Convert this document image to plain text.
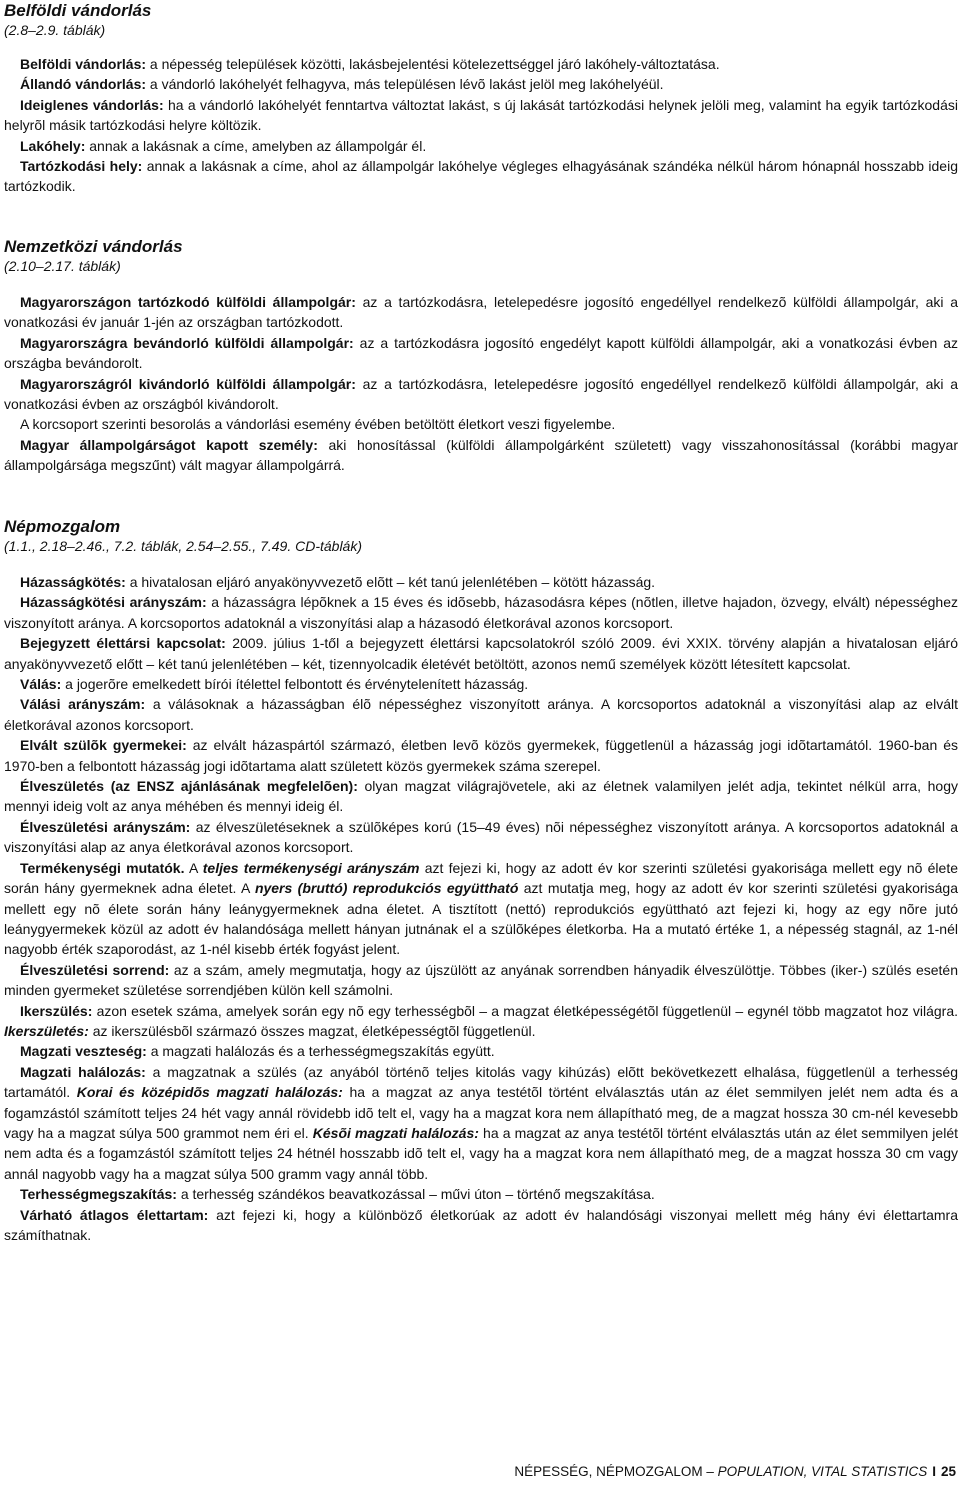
Belföldi vándorlás

(2.8–2.9. táblák)

Belföldi vándorlás: a népesség települések közötti, lakásbejelentési kötelezettséggel járó lakóhely-változtatása.

Állandó vándorlás: a vándorló lakóhelyét felhagyva, más településen lévõ lakást jelöl meg lakóhelyéül.

Ideiglenes vándorlás: ha a vándorló lakóhelyét fenntartva változtat lakást, s új lakását tartózkodási helynek jelöli meg, valamint ha egyik tartózkodási helyrõl másik tartózkodási helyre költözik.

Lakóhely: annak a lakásnak a címe, amelyben az állampolgár él.

Tartózkodási hely: annak a lakásnak a címe, ahol az állampolgár lakóhelye végleges elhagyásának szándéka nélkül három hónapnál hosszabb ideig tartózkodik.

Nemzetközi vándorlás

(2.10–2.17. táblák)

Magyarországon tartózkodó külföldi állampolgár: az a tartózkodásra, letelepedésre jogosító engedéllyel rendelkezõ külföldi állampolgár, aki a vonatkozási év január 1-jén az országban tartózkodott.

Magyarországra bevándorló külföldi állampolgár: az a tartózkodásra jogosító engedélyt kapott külföldi állampolgár, aki a vonatkozási évben az országba bevándorolt.

Magyarországról kivándorló külföldi állampolgár: az a tartózkodásra, letelepedésre jogosító engedéllyel rendelkezõ külföldi állampolgár, aki a vonatkozási évben az országból kivándorolt.

A korcsoport szerinti besorolás a vándorlási esemény évében betöltött életkort veszi figyelembe.

Magyar állampolgárságot kapott személy: aki honosítással (külföldi állampolgárként született) vagy visszahonosítással (korábbi magyar állampolgársága megszűnt) vált magyar állampolgárrá.

Népmozgalom

(1.1., 2.18–2.46., 7.2. táblák, 2.54–2.55., 7.49. CD-táblák)

Házasságkötés: a hivatalosan eljáró anyakönyvvezetõ elõtt – két tanú jelenlétében – kötött házasság.

Házasságkötési arányszám: a házasságra lépõknek a 15 éves és idõsebb, házasodásra képes (nõtlen, illetve hajadon, özvegy, elvált) népességhez viszonyított aránya. A korcsoportos adatoknál a viszonyítási alap a házasodó életkorával azonos korcsoport.

Bejegyzett élettársi kapcsolat: 2009. július 1-től a bejegyzett élettársi kapcsolatokról szóló 2009. évi XXIX. törvény alapján a hivatalosan eljáró anyakönyvvezető előtt – két tanú jelenlétében – két, tizennyolcadik életévét betöltött, azonos nemű személyek között létesített kapcsolat.

Válás: a jogerõre emelkedett bírói ítélettel felbontott és érvénytelenített házasság.

Válási arányszám: a válásoknak a házasságban élõ népességhez viszonyított aránya. A korcsoportos adatoknál a viszonyítási alap az elvált életkorával azonos korcsoport.

Elvált szülõk gyermekei: az elvált házaspártól származó, életben levõ közös gyermekek, függetlenül a házasság jogi idõtartamától. 1960-ban és 1970-ben a felbontott házasság jogi idõtartama alatt született közös gyermekek száma szerepel.

Élveszületés (az ENSZ ajánlásának megfelelõen): olyan magzat világrajövetele, aki az életnek valamilyen jelét adja, tekintet nélkül arra, hogy mennyi ideig volt az anya méhében és mennyi ideig él.

Élveszületési arányszám: az élveszületéseknek a szülõképes korú (15–49 éves) nõi népességhez viszonyított aránya. A korcsoportos adatoknál a viszonyítási alap az anya életkorával azonos korcsoport.

Termékenységi mutatók. A teljes termékenységi arányszám azt fejezi ki, hogy az adott év kor szerinti születési gyakorisága mellett egy nõ élete során hány gyermeknek adna életet. A nyers (bruttó) reprodukciós együttható azt mutatja meg, hogy az adott év kor szerinti születési gyakorisága mellett egy nõ élete során hány leánygyermeknek adna életet. A tisztított (nettó) reprodukciós együttható azt fejezi ki, hogy az egy nõre jutó leánygyermekek közül az adott év halandósága mellett hányan jutnának el a szülõképes életkorba. Ha a mutató értéke 1, a népesség stagnál, az 1-nél nagyobb érték szaporodást, az 1-nél kisebb érték fogyást jelent.

Élveszületési sorrend: az a szám, amely megmutatja, hogy az újszülött az anyának sorrendben hányadik élveszülöttje. Többes (iker-) szülés esetén minden gyermeket születése sorrendjében külön kell számolni.

Ikerszülés: azon esetek száma, amelyek során egy nõ egy terhességbõl – a magzat életképességétõl függetlenül – egynél több magzatot hoz világra. Ikerszületés: az ikerszülésbõl származó összes magzat, életképességtõl függetlenül.

Magzati veszteség: a magzati halálozás és a terhességmegszakítás együtt.

Magzati halálozás: a magzatnak a szülés (az anyából történõ teljes kitolás vagy kihúzás) elõtt bekövetkezett elhalása, függetlenül a terhesség tartamától. Korai és középidõs magzati halálozás: ha a magzat az anya testétõl történt elválasztás után az élet semmilyen jelét nem adta és a fogamzástól számított teljes 24 hét vagy annál rövidebb idõ telt el, vagy ha a magzat kora nem állapítható meg, de a magzat hossza 30 cm-nél kevesebb vagy ha a magzat súlya 500 grammot nem éri el. Késõi magzati halálozás: ha a magzat az anya testétõl történt elválasztás után az élet semmilyen jelét nem adta és a fogamzástól számított teljes 24 hétnél hosszabb idõ telt el, vagy ha a magzat kora nem állapítható meg, de a magzat hossza 30 cm vagy annál nagyobb vagy ha a magzat súlya 500 gramm vagy annál több.

Terhességmegszakítás: a terhesség szándékos beavatkozással – művi úton – történő megszakítása.

Várható átlagos élettartam: azt fejezi ki, hogy a különböző életkorúak az adott év halandósági viszonyai mellett még hány évi élettartamra számíthatnak.

NÉPESSÉG, NÉPMOZGALOM – POPULATION, VITAL STATISTICS I 25
